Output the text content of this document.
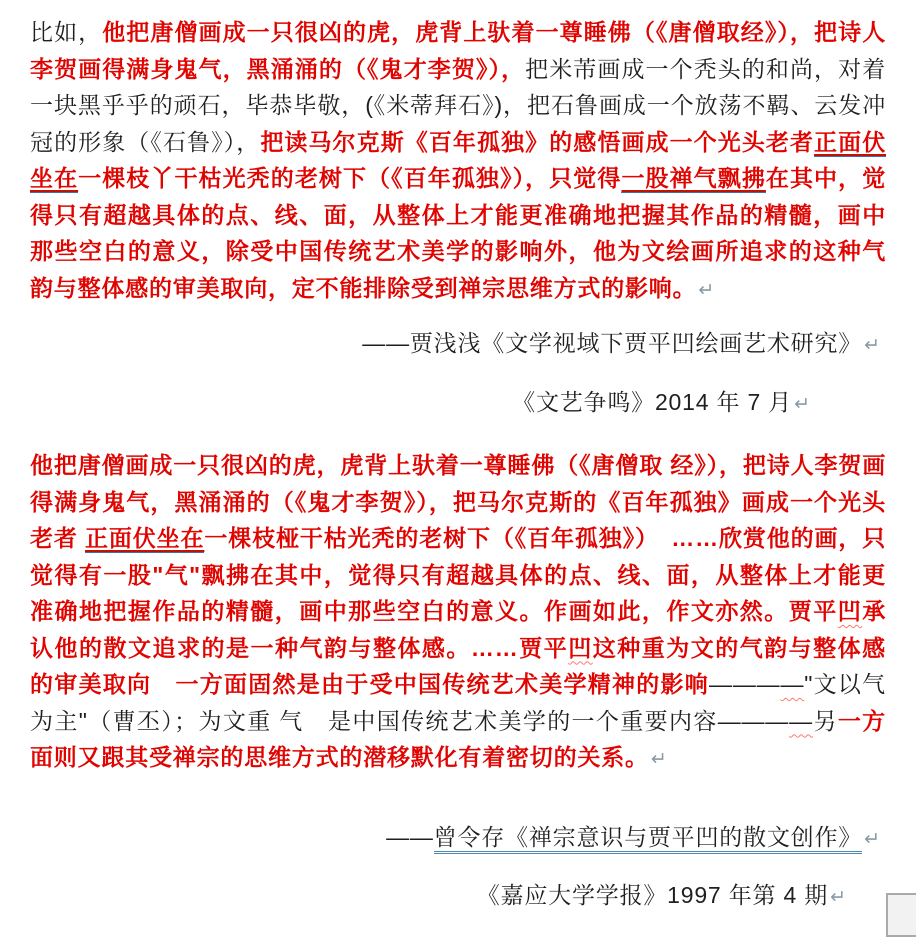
比如，他把唐僧画成一只很凶的虎，虎背上驮着一尊睡佛（《唐僧取经》），把诗人李贺画得满身鬼气，黑涌涌的（《鬼才李贺》），把米芾画成一个秃头的和尚，对着一块黑乎乎的顽石，毕恭毕敬，(《米蒂拜石》)，把石鲁画成一个放荡不羁、云发冲冠的形象（《石鲁》），把读马尔克斯《百年孤独》的感悟画成一个光头老者正面伏坐在一棵枝丫干枯光秃的老树下（《百年孤独》），只觉得一股禅气飘拂在其中，觉得只有超越具体的点、线、面，从整体上才能更准确地把握其作品的精髓，画中那些空白的意义，除受中国传统艺术美学的影响外，他为文绘画所追求的这种气韵与整体感的审美取向，定不能排除受到禅宗思维方式的影响。 ↵

——贾浅浅《文学视域下贾平凹绘画艺术研究》 ↵

《文艺争鸣》2014 年 7 月 ↵

他把唐僧画成一只很凶的虎，虎背上驮着一尊睡佛（《唐僧取 经》），把诗人李贺画得满身鬼气，黑涌涌的（《鬼才李贺》），把马尔克斯的《百年孤独》画成一个光头老者 正面伏坐在一棵枝桠干枯光秃的老树下（《百年孤独》）　……欣赏他的画，只觉得有一股"气"飘拂在其中，觉得只有超越具体的点、线、面，从整体上才能更准确地把握作品的精髓，画中那些空白的意义。作画如此，作文亦然。贾平凹承认他的散文追求的是一种气韵与整体感。……贾平凹这种重为文的气韵与整体感的审美取向　一方面固然是由于受中国传统艺术美学精神的影响————"文以气为主"（曹丕）；为文重 气　是中国传统艺术美学的一个重要内容————另一方面则又跟其受禅宗的思维方式的潜移默化有着密切的关系。 ↵

——曾令存《禅宗意识与贾平凹的散文创作》 ↵

《嘉应大学学报》1997 年第 4 期 ↵
